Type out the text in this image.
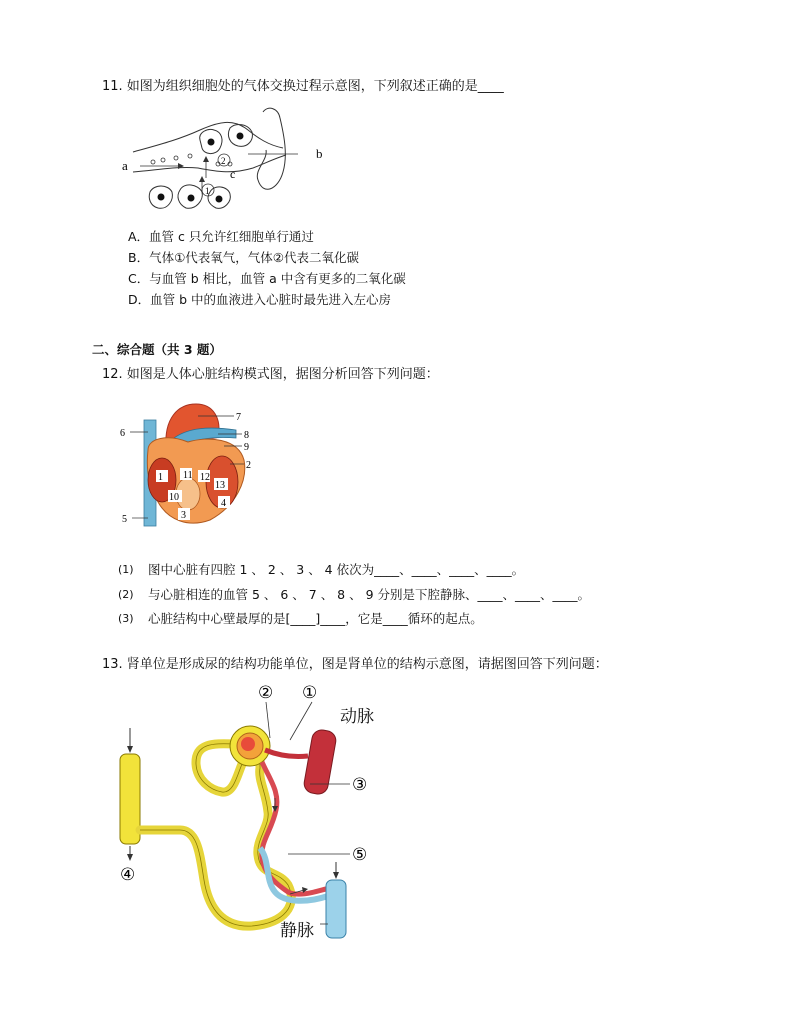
11. 如图为组织细胞处的气体交换过程示意图，下列叙述正确的是____
a
c
2
1
b
A．血管 c 只允许红细胞单行通过
B．气体①代表氧气，气体②代表二氧化碳
C．与血管 b 相比，血管 a 中含有更多的二氧化碳
D．血管 b 中的血液进入心脏时最先进入左心房
二、综合题（共 3 题）
12. 如图是人体心脏结构模式图，据图分析回答下列问题：
1 11 12
13
10
4
3
6
5
7
8
9
2
(1) 图中心脏有四腔 1 、 2 、 3 、 4 依次为____、____、____、____。
(2) 与心脏相连的血管 5 、 6 、 7 、 8 、 9 分别是下腔静脉、____、____、____。
(3) 心脏结构中心壁最厚的是[____]____，它是____循环的起点。
13. 肾单位是形成尿的结构功能单位，图是肾单位的结构示意图，请据图回答下列问题：
② ①
③
⑤
④
动脉
静脉
